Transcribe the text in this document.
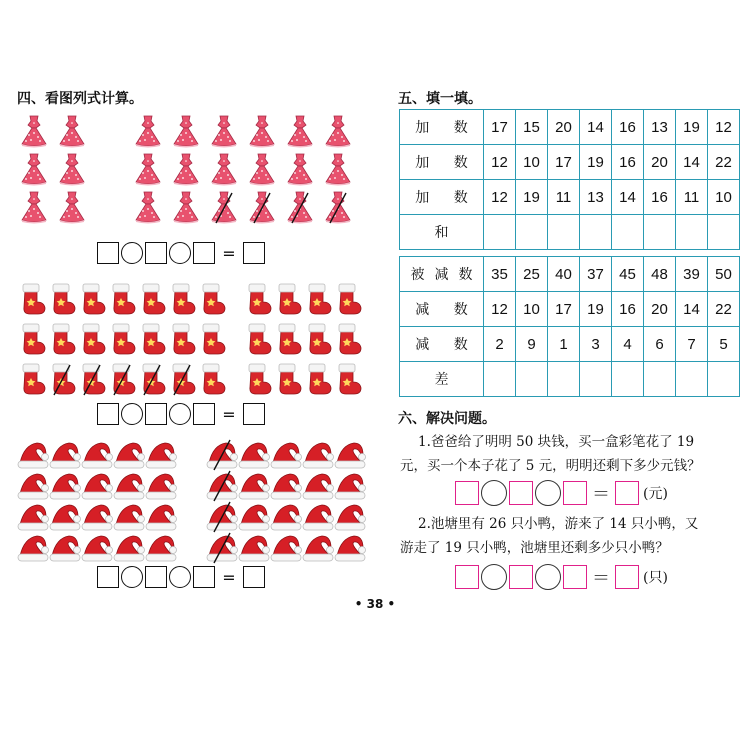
四、看图列式计算。
=
=
=
五、填一填。
加 数	17	15	20	14	16	13	19	12
加 数	12	10	17	19	16	20	14	22
加 数	12	19	11	13	14	16	11	10
和								
被减数	35	25	40	37	45	48	39	50
减 数	12	10	17	19	16	20	14	22
减 数	2	9	1	3	4	6	7	5
差								
六、解决问题。
1.爸爸给了明明 50 块钱，买一盒彩笔花了 19
元，买一个本子花了 5 元，明明还剩下多少元钱？
＝	(元)
2.池塘里有 26 只小鸭，游来了 14 只小鸭，又
游走了 19 只小鸭，池塘里还剩多少只小鸭？
＝	(只)
• 38 •
